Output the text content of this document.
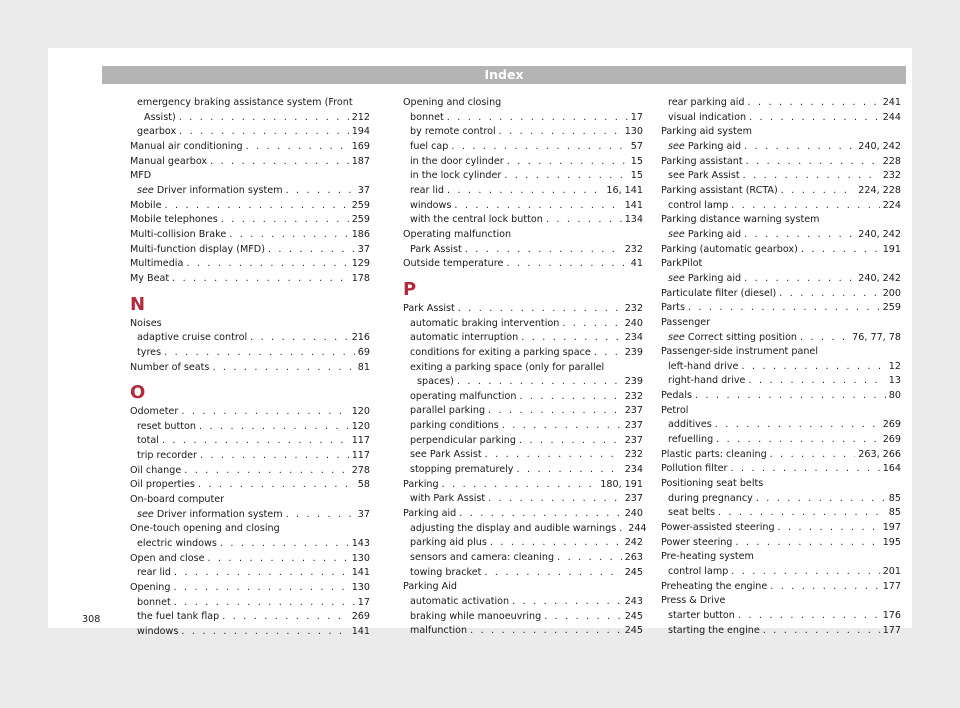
Index
emergency braking assistance system (Front
Assist) . . .	212
gearbox . . .	194
Manual air conditioning . . .	169
Manual gearbox . . .	187
MFD
see Driver information system . . .	37
Mobile . . .	259
Mobile telephones . . .	259
Multi-collision Brake . . .	186
Multi-function display (MFD) . . .	37
Multimedia . . .	129
My Beat . . .	178
N
Noises
adaptive cruise control . . .	216
tyres . . .	69
Number of seats . . .	81
O
Odometer . . .	120
reset button . . .	120
total . . .	117
trip recorder . . .	117
Oil change . . .	278
Oil properties . . .	58
On-board computer
see Driver information system . . .	37
One-touch opening and closing
electric windows . . .	143
Open and close . . .	130
rear lid . . .	141
Opening . . .	130
bonnet . . .	17
the fuel tank flap . . .	269
windows . . .	141
Opening and closing
bonnet . . .	17
by remote control . . .	130
fuel cap . . .	57
in the door cylinder . . .	15
in the lock cylinder . . .	15
rear lid . . .	16, 141
windows . . .	141
with the central lock button . . .	134
Operating malfunction
Park Assist . . .	232
Outside temperature . . .	41
P
Park Assist . . .	232
automatic braking intervention . . .	240
automatic interruption . . .	234
conditions for exiting a parking space . . .	239
exiting a parking space (only for parallel
spaces) . . .	239
operating malfunction . . .	232
parallel parking . . .	237
parking conditions . . .	237
perpendicular parking . . .	237
see Park Assist . . .	232
stopping prematurely . . .	234
Parking . . .	180, 191
with Park Assist . . .	237
Parking aid . . .	240
adjusting the display and audible warnings . . . 244
parking aid plus . . .	242
sensors and camera: cleaning . . .	263
towing bracket . . .	245
Parking Aid
automatic activation . . .	243
braking while manoeuvring . . .	245
malfunction . . .	245
rear parking aid . . .	241
visual indication . . .	244
Parking aid system
see Parking aid . . .	240, 242
Parking assistant . . .	228
see Park Assist . . .	232
Parking assistant (RCTA) . . .	224, 228
control lamp . . .	224
Parking distance warning system
see Parking aid . . .	240, 242
Parking (automatic gearbox) . . .	191
ParkPilot
see Parking aid . . .	240, 242
Particulate filter (diesel) . . .	200
Parts . . .	259
Passenger
see Correct sitting position . . .	76, 77, 78
Passenger-side instrument panel
left-hand drive . . .	12
right-hand drive . . .	13
Pedals . . .	80
Petrol
additives . . .	269
refuelling . . .	269
Plastic parts: cleaning . . .	263, 266
Pollution filter . . .	164
Positioning seat belts
during pregnancy . . .	85
seat belts . . .	85
Power-assisted steering . . .	197
Power steering . . .	195
Pre-heating system
control lamp . . .	201
Preheating the engine . . .	177
Press & Drive
starter button . . .	176
starting the engine . . .	177
308
